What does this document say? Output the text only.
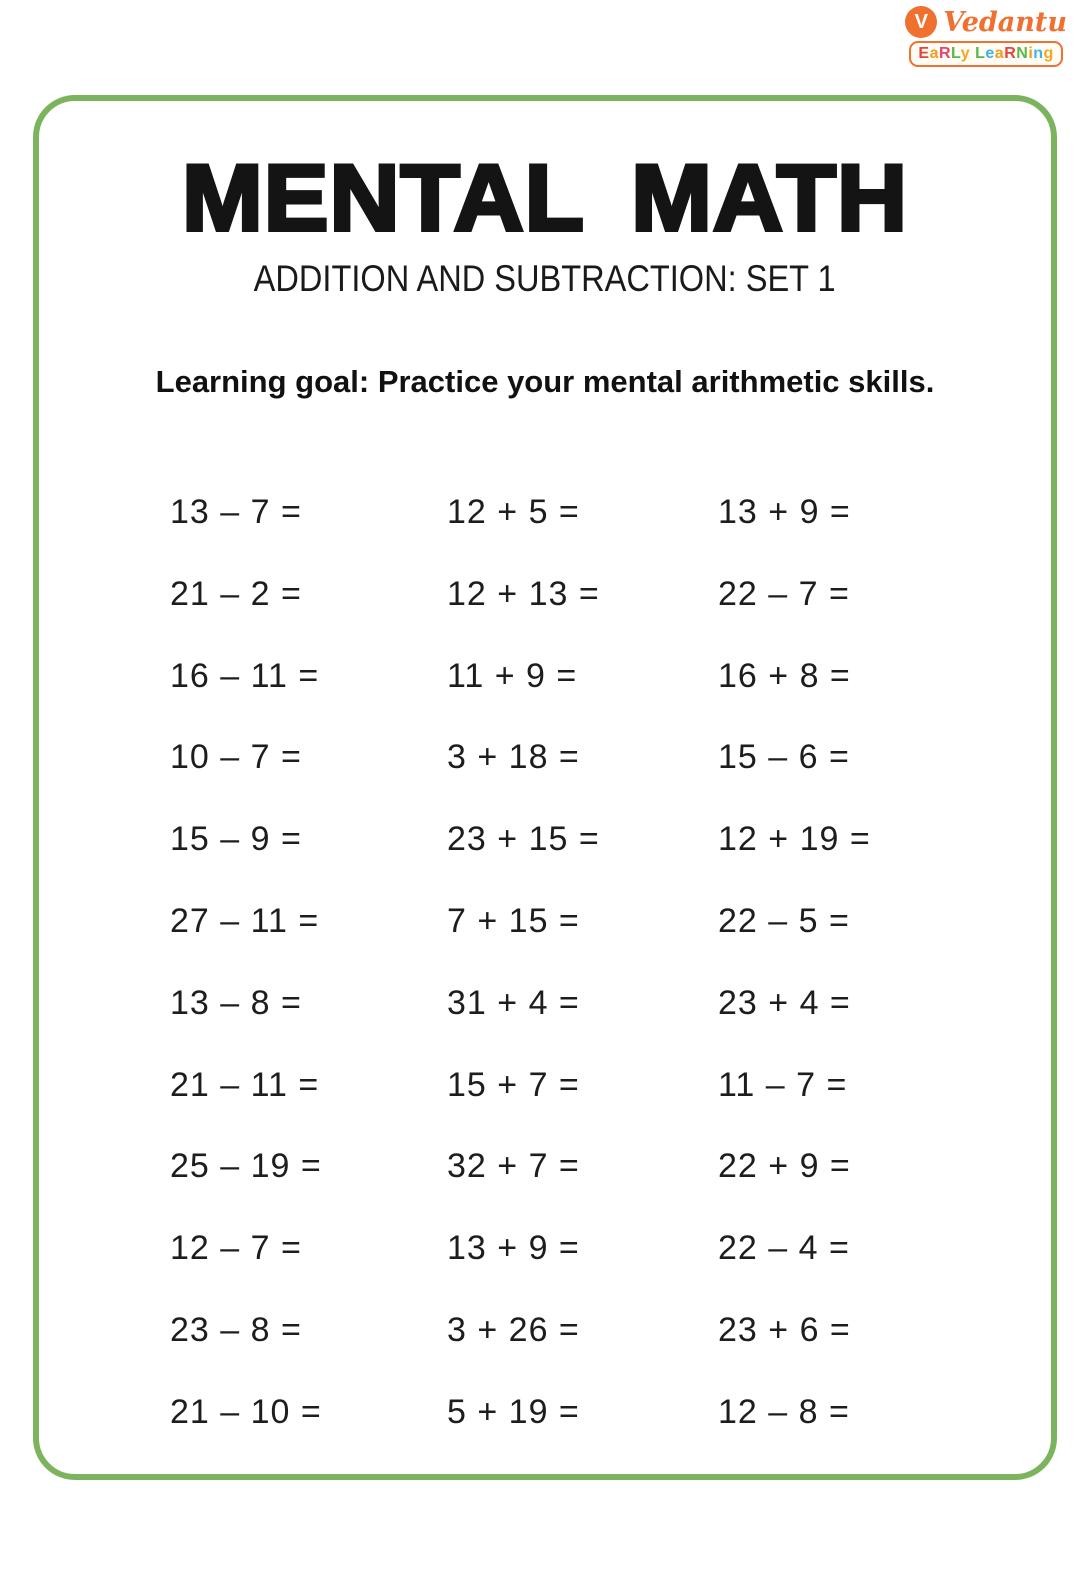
V Vedantu
EaRLy LeaRNing
MENTAL MATH
ADDITION AND SUBTRACTION: SET 1
Learning goal: Practice your mental arithmetic skills.
13 – 7 =	12 + 5 =	13 + 9 =
21 – 2 =	12 + 13 =	22 – 7 =
16 – 11 =	11 + 9 =	16 + 8 =
10 – 7 =	3 + 18 =	15 – 6 =
15 – 9 =	23 + 15 =	12 + 19 =
27 – 11 =	7 + 15 =	22 – 5 =
13 – 8 =	31 + 4 =	23 + 4 =
21 – 11 =	15 + 7 =	11 – 7 =
25 – 19 =	32 + 7 =	22 + 9 =
12 – 7 =	13 + 9 =	22 – 4 =
23 – 8 =	3 + 26 =	23 + 6 =
21 – 10 =	5 + 19 =	12 – 8 =
